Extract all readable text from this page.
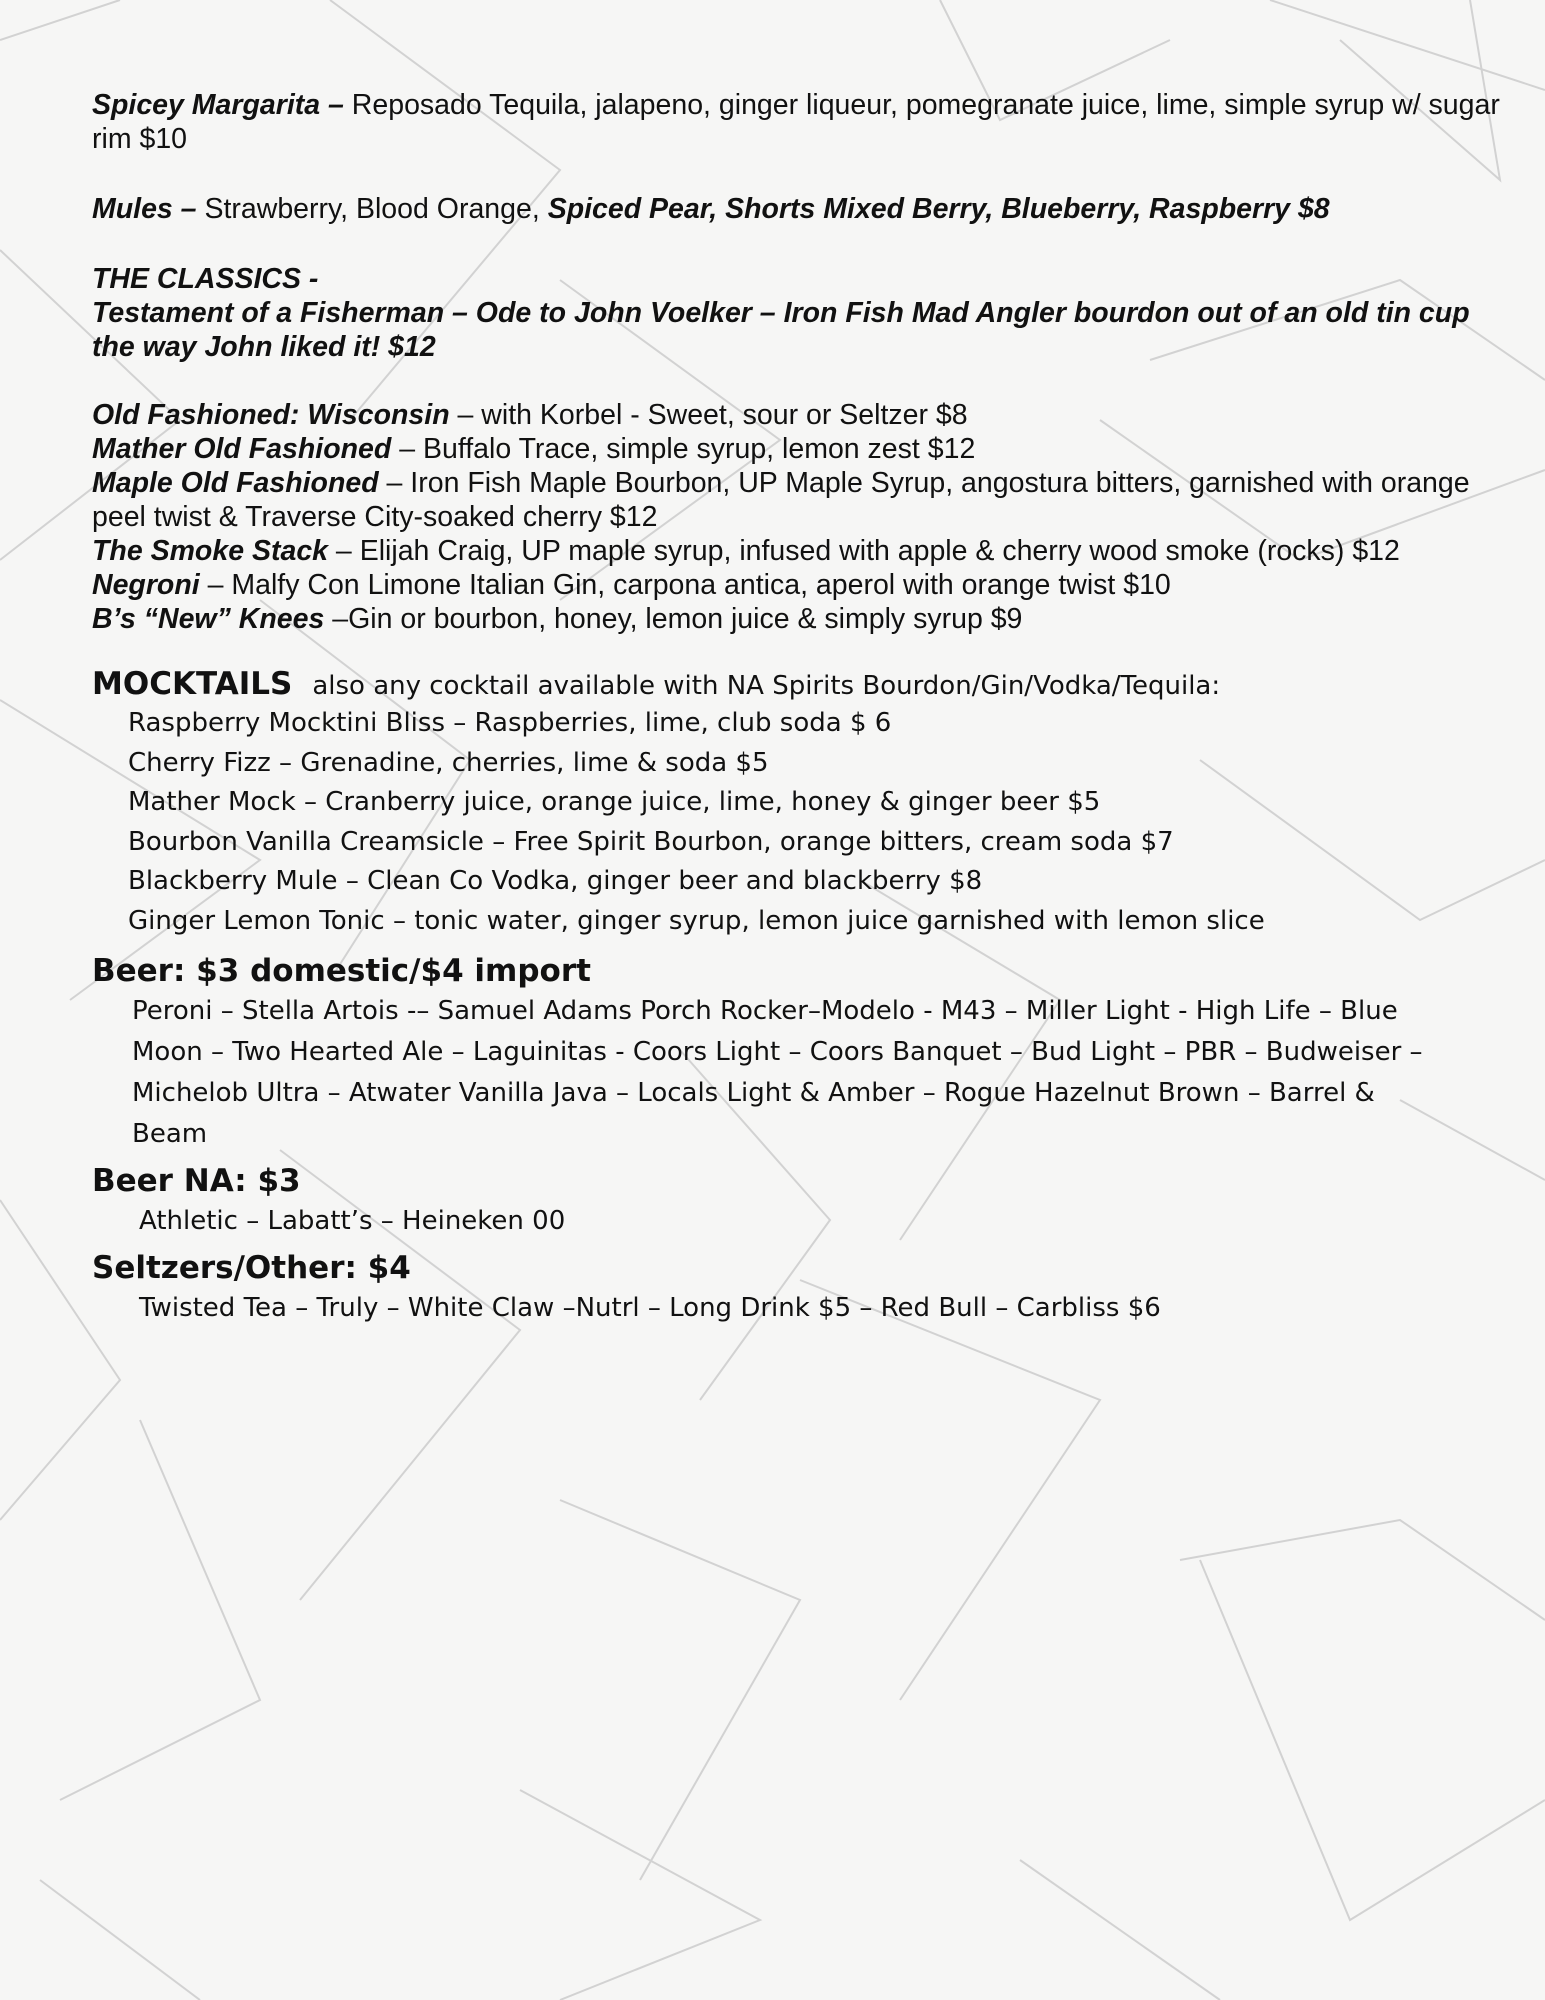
Spicey Margarita – Reposado Tequila, jalapeno, ginger liqueur, pomegranate juice, lime, simple syrup w/ sugar rim $10

Mules – Strawberry, Blood Orange, Spiced Pear, Shorts Mixed Berry, Blueberry, Raspberry $8

THE CLASSICS -

Testament of a Fisherman – Ode to John Voelker – Iron Fish Mad Angler bourdon out of an old tin cup the way John liked it! $12

Old Fashioned: Wisconsin – with Korbel - Sweet, sour or Seltzer $8

Mather Old Fashioned – Buffalo Trace, simple syrup, lemon zest $12

Maple Old Fashioned – Iron Fish Maple Bourbon, UP Maple Syrup, angostura bitters, garnished with orange peel twist & Traverse City-soaked cherry $12

The Smoke Stack – Elijah Craig, UP maple syrup, infused with apple & cherry wood smoke (rocks) $12

Negroni – Malfy Con Limone Italian Gin, carpona antica, aperol with orange twist $10

B’s “New” Knees –Gin or bourbon, honey, lemon juice & simply syrup $9

MOCKTAILS also any cocktail available with NA Spirits Bourdon/Gin/Vodka/Tequila:
Raspberry Mocktini Bliss – Raspberries, lime, club soda $ 6
Cherry Fizz – Grenadine, cherries, lime & soda $5
Mather Mock – Cranberry juice, orange juice, lime, honey & ginger beer $5
Bourbon Vanilla Creamsicle – Free Spirit Bourbon, orange bitters, cream soda $7
Blackberry Mule – Clean Co Vodka, ginger beer and blackberry $8
Ginger Lemon Tonic – tonic water, ginger syrup, lemon juice garnished with lemon slice
Beer: $3 domestic/$4 import
Peroni – Stella Artois -– Samuel Adams Porch Rocker–Modelo - M43 – Miller Light - High Life – Blue Moon – Two Hearted Ale – Laguinitas - Coors Light – Coors Banquet – Bud Light – PBR – Budweiser –Michelob Ultra – Atwater Vanilla Java – Locals Light & Amber – Rogue Hazelnut Brown – Barrel & Beam
Beer NA: $3
Athletic – Labatt’s – Heineken 00
Seltzers/Other: $4
Twisted Tea – Truly – White Claw –Nutrl – Long Drink $5 – Red Bull – Carbliss $6
